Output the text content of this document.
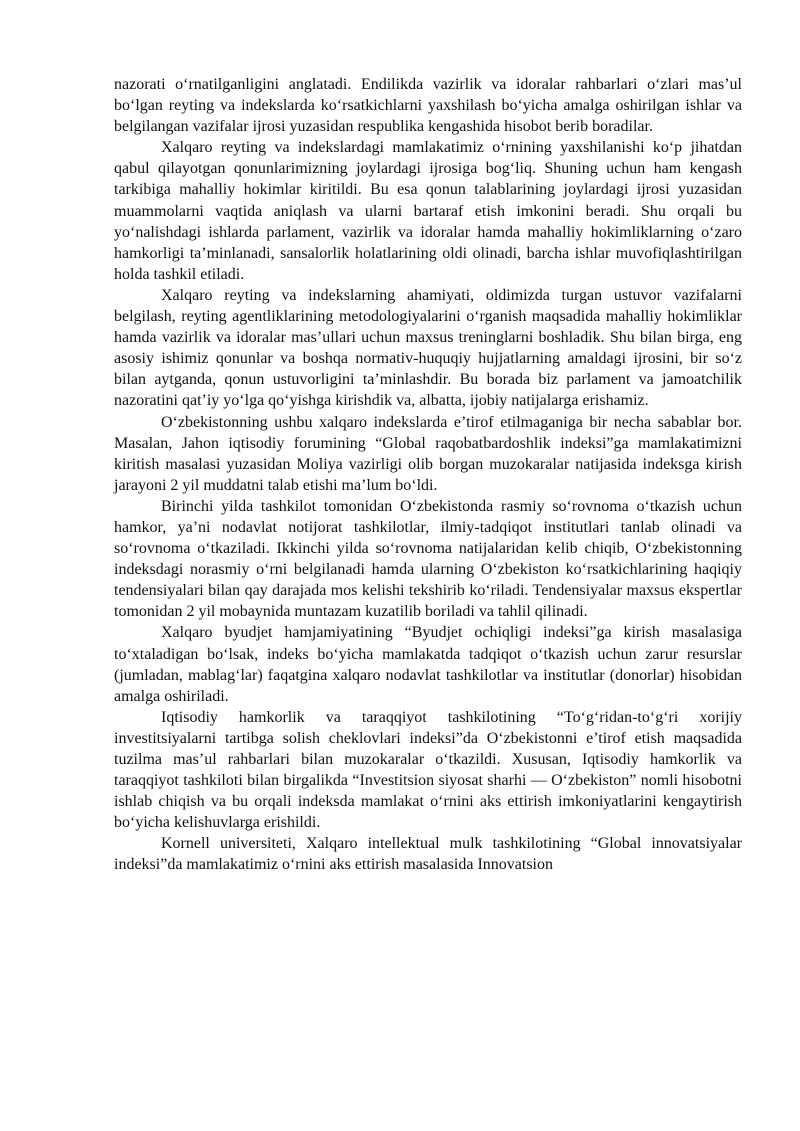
nazorati o‘rnatilganligini anglatadi. Endilikda vazirlik va idoralar rahbarlari o‘zlari mas’ul bo‘lgan reyting va indekslarda ko‘rsatkichlarni yaxshilash bo‘yicha amalga oshirilgan ishlar va belgilangan vazifalar ijrosi yuzasidan respublika kengashida hisobot berib boradilar.

Xalqaro reyting va indekslardagi mamlakatimiz o‘rnining yaxshilanishi ko‘p jihatdan qabul qilayotgan qonunlarimizning joylardagi ijrosiga bog‘liq. Shuning uchun ham kengash tarkibiga mahalliy hokimlar kiritildi. Bu esa qonun talablarining joylardagi ijrosi yuzasidan muammolarni vaqtida aniqlash va ularni bartaraf etish imkonini beradi. Shu orqali bu yo‘nalishdagi ishlarda parlament, vazirlik va idoralar hamda mahalliy hokimliklarning o‘zaro hamkorligi ta’minlanadi, sansalorlik holatlarining oldi olinadi, barcha ishlar muvofiqlashtirilgan holda tashkil etiladi.

Xalqaro reyting va indekslarning ahamiyati, oldimizda turgan ustuvor vazifalarni belgilash, reyting agentliklarining metodologiyalarini o‘rganish maqsadida mahalliy hokimliklar hamda vazirlik va idoralar mas’ullari uchun maxsus treninglarni boshladik. Shu bilan birga, eng asosiy ishimiz qonunlar va boshqa normativ-huquqiy hujjatlarning amaldagi ijrosini, bir so‘z bilan aytganda, qonun ustuvorligini ta’minlashdir. Bu borada biz parlament va jamoatchilik nazoratini qat’iy yo‘lga qo‘yishga kirishdik va, albatta, ijobiy natijalarga erishamiz.

O‘zbekistonning ushbu xalqaro indekslarda e’tirof etilmaganiga bir necha sabablar bor. Masalan, Jahon iqtisodiy forumining “Global raqobatbardoshlik indeksi”ga mamlakatimizni kiritish masalasi yuzasidan Moliya vazirligi olib borgan muzokaralar natijasida indeksga kirish jarayoni 2 yil muddatni talab etishi ma’lum bo‘ldi.

Birinchi yilda tashkilot tomonidan O‘zbekistonda rasmiy so‘rovnoma o‘tkazish uchun hamkor, ya’ni nodavlat notijorat tashkilotlar, ilmiy-tadqiqot institutlari tanlab olinadi va so‘rovnoma o‘tkaziladi. Ikkinchi yilda so‘rovnoma natijalaridan kelib chiqib, O‘zbekistonning indeksdagi norasmiy o‘rni belgilanadi hamda ularning O‘zbekiston ko‘rsatkichlarining haqiqiy tendensiyalari bilan qay darajada mos kelishi tekshirib ko‘riladi. Tendensiyalar maxsus ekspertlar tomonidan 2 yil mobaynida muntazam kuzatilib boriladi va tahlil qilinadi.

Xalqaro byudjet hamjamiyatining “Byudjet ochiqligi indeksi”ga kirish masalasiga to‘xtaladigan bo‘lsak, indeks bo‘yicha mamlakatda tadqiqot o‘tkazish uchun zarur resurslar (jumladan, mablag‘lar) faqatgina xalqaro nodavlat tashkilotlar va institutlar (donorlar) hisobidan amalga oshiriladi.

Iqtisodiy hamkorlik va taraqqiyot tashkilotining “To‘g‘ridan-to‘g‘ri xorijiy investitsiyalarni tartibga solish cheklovlari indeksi”da O‘zbekistonni e’tirof etish maqsadida tuzilma mas’ul rahbarlari bilan muzokaralar o‘tkazildi. Xususan, Iqtisodiy hamkorlik va taraqqiyot tashkiloti bilan birgalikda “Investitsion siyosat sharhi — O‘zbekiston” nomli hisobotni ishlab chiqish va bu orqali indeksda mamlakat o‘rnini aks ettirish imkoniyatlarini kengaytirish bo‘yicha kelishuvlarga erishildi.

Kornell universiteti, Xalqaro intellektual mulk tashkilotining “Global innovatsiyalar indeksi”da mamlakatimiz o‘rnini aks ettirish masalasida Innovatsion
